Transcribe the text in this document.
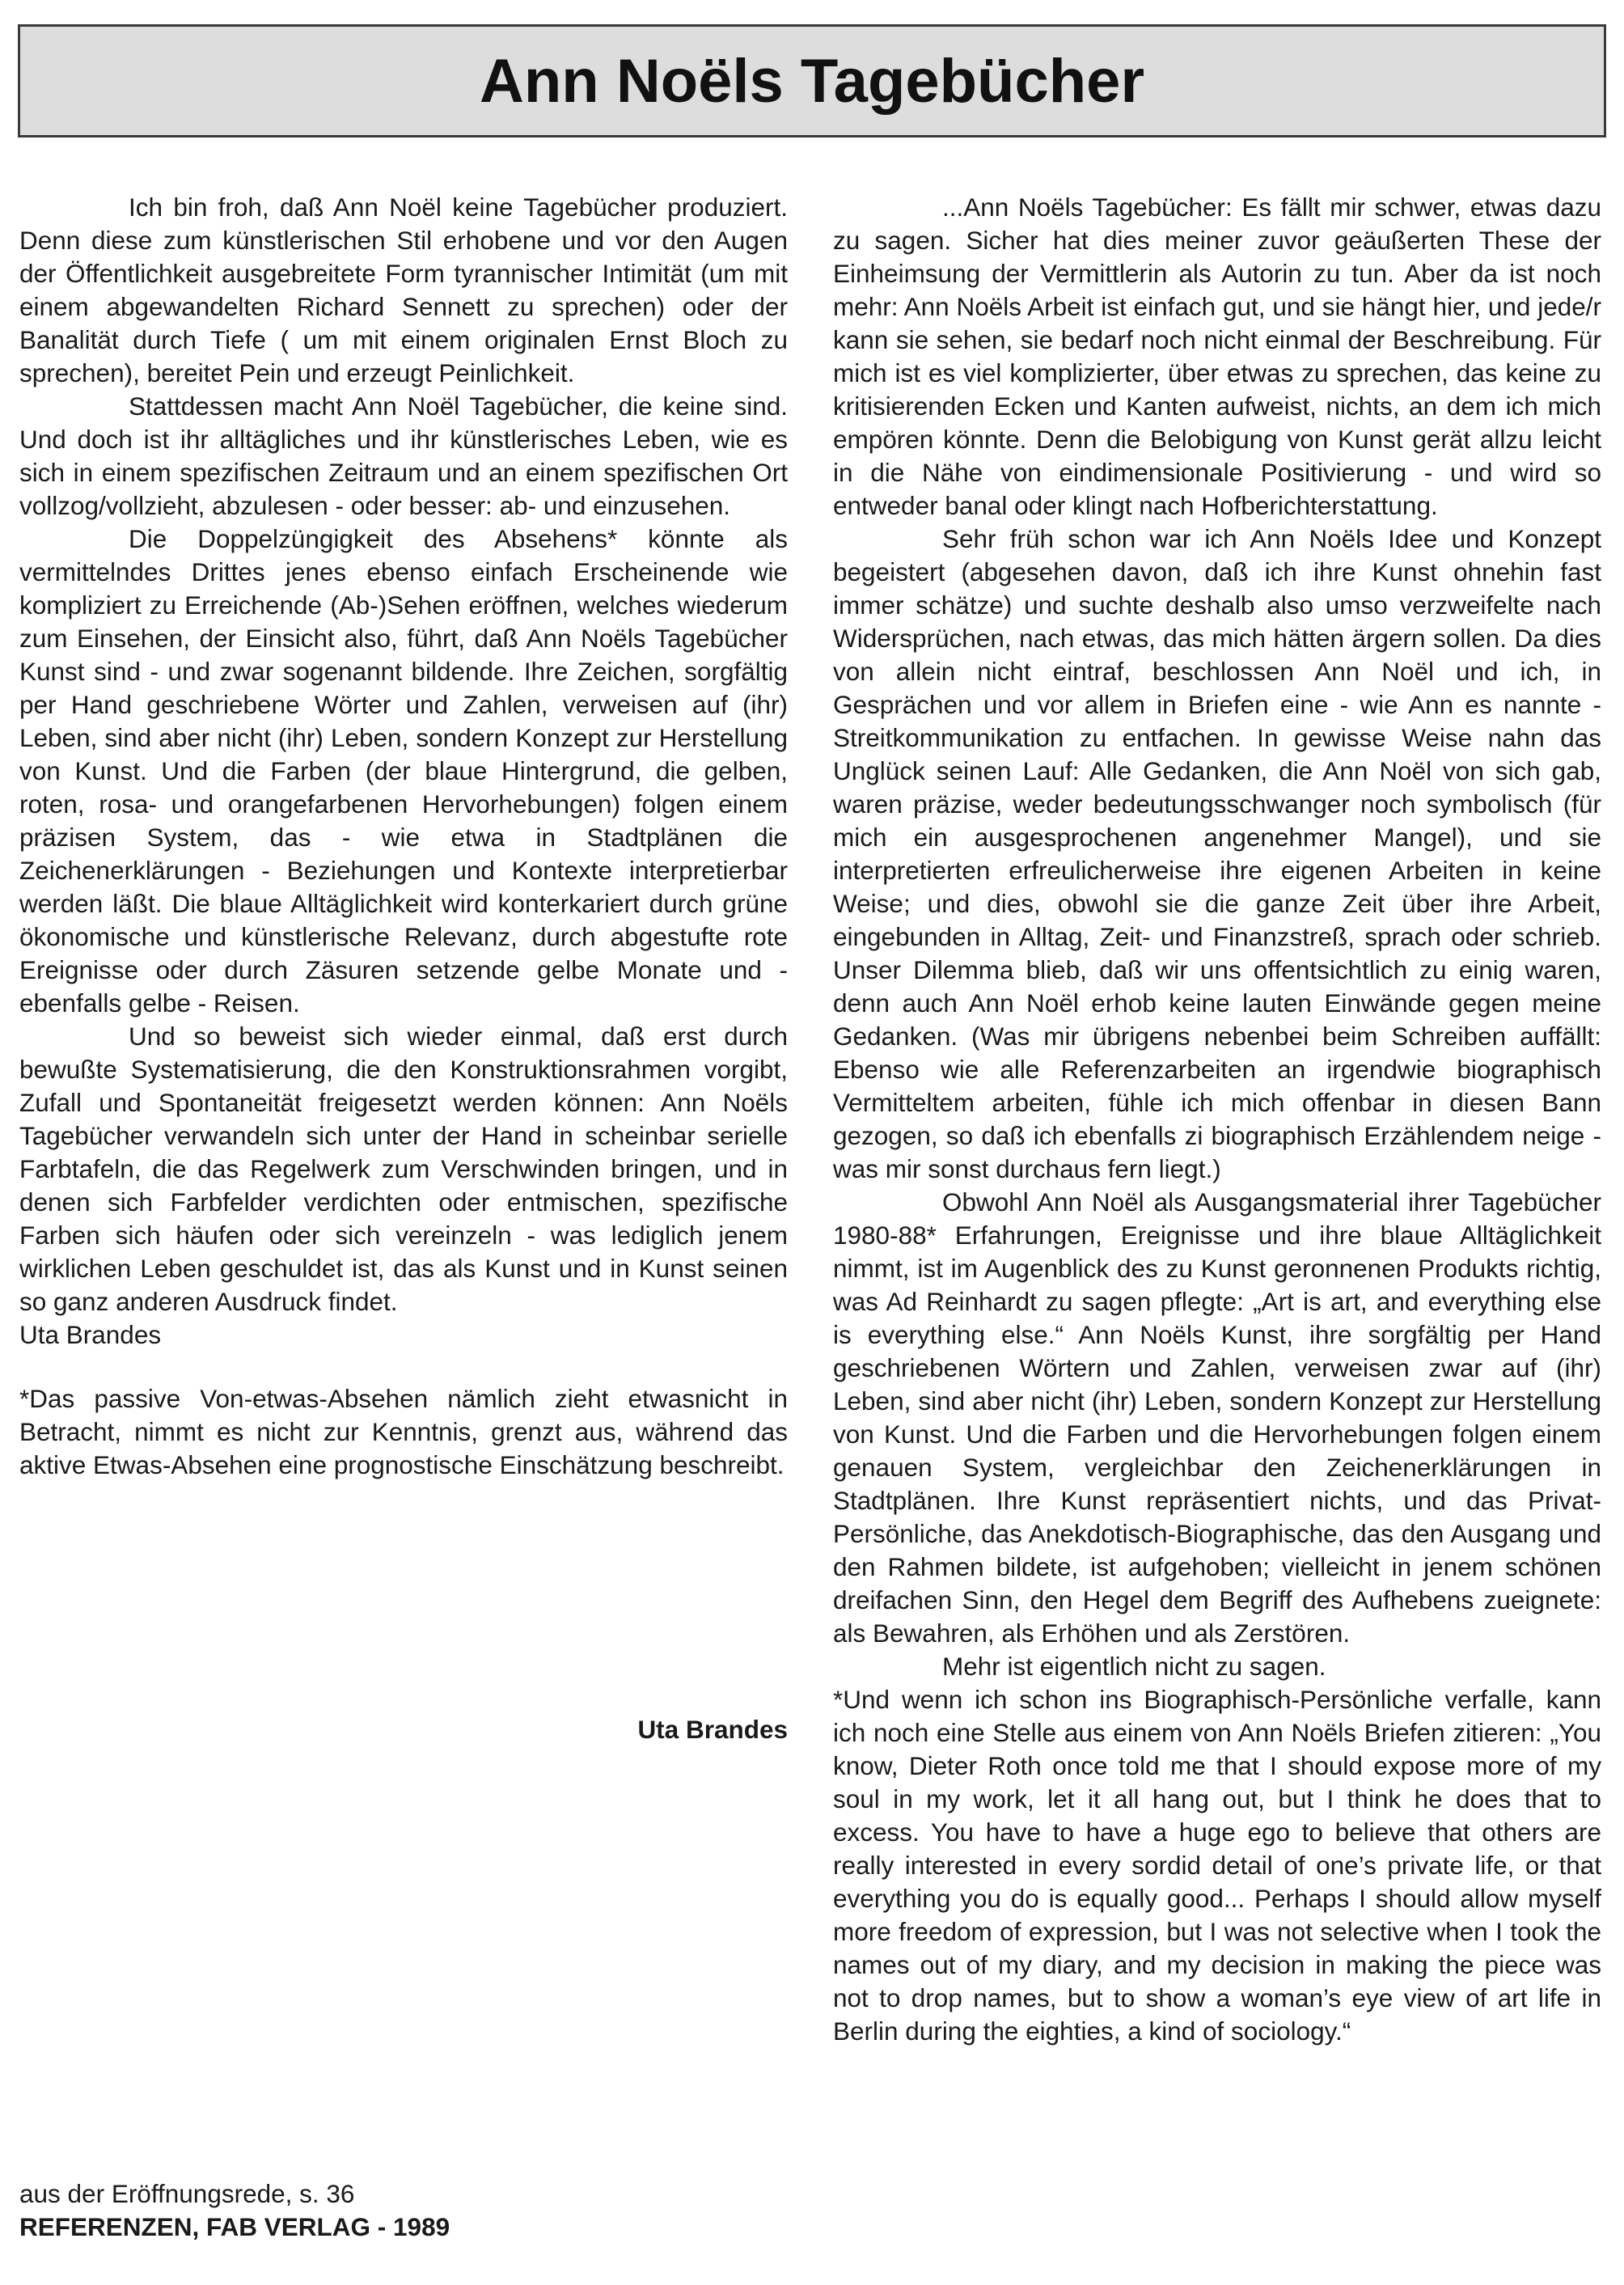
Ann Noëls Tagebücher

Ich bin froh, daß Ann Noël keine Tagebücher produziert. Denn diese zum künstlerischen Stil erhobene und vor den Augen der Öffentlichkeit ausgebreitete Form tyrannischer Intimität (um mit einem abgewandelten Richard Sennett zu sprechen) oder der Banalität durch Tiefe ( um mit einem originalen Ernst Bloch zu sprechen), bereitet Pein und erzeugt Peinlichkeit.

Stattdessen macht Ann Noël Tagebücher, die keine sind. Und doch ist ihr alltägliches und ihr künstlerisches Leben, wie es sich in einem spezifischen Zeitraum und an einem spezifischen Ort vollzog/vollzieht, abzulesen - oder besser: ab- und einzusehen.

Die Doppelzüngigkeit des Absehens* könnte als vermittelndes Drittes jenes ebenso einfach Erscheinende wie kompliziert zu Erreichende (Ab-)Sehen eröffnen, welches wiederum zum Einsehen, der Einsicht also, führt, daß Ann Noëls Tagebücher Kunst sind - und zwar sogenannt bildende. Ihre Zeichen, sorgfältig per Hand geschriebene Wörter und Zahlen, verweisen auf (ihr) Leben, sind aber nicht (ihr) Leben, sondern Konzept zur Herstellung von Kunst. Und die Farben (der blaue Hintergrund, die gelben, roten, rosa- und orangefarbenen Hervorhebungen) folgen einem präzisen System, das - wie etwa in Stadtplänen die Zeichenerklärungen - Beziehungen und Kontexte interpretierbar werden läßt. Die blaue Alltäglichkeit wird konterkariert durch grüne ökonomische und künstlerische Relevanz, durch abgestufte rote Ereignisse oder durch Zäsuren setzende gelbe Monate und - ebenfalls gelbe - Reisen.

Und so beweist sich wieder einmal, daß erst durch bewußte Systematisierung, die den Konstruktionsrahmen vorgibt, Zufall und Spontaneität freigesetzt werden können: Ann Noëls Tagebücher verwandeln sich unter der Hand in scheinbar serielle Farbtafeln, die das Regelwerk zum Verschwinden bringen, und in denen sich Farbfelder verdichten oder entmischen, spezifische Farben sich häufen oder sich vereinzeln - was lediglich jenem wirklichen Leben geschuldet ist, das als Kunst und in Kunst seinen so ganz anderen Ausdruck findet.

Uta Brandes

*Das passive Von-etwas-Absehen nämlich zieht etwasnicht in Betracht, nimmt es nicht zur Kenntnis, grenzt aus, während das aktive Etwas-Absehen eine prognostische Einschätzung beschreibt.

Uta Brandes
aus der Eröffnungsrede, s. 36
REFERENZEN, FAB VERLAG - 1989

...Ann Noëls Tagebücher: Es fällt mir schwer, etwas dazu zu sagen. Sicher hat dies meiner zuvor geäußerten These der Einheimsung der Vermittlerin als Autorin zu tun. Aber da ist noch mehr: Ann Noëls Arbeit ist einfach gut, und sie hängt hier, und jede/r kann sie sehen, sie bedarf noch nicht einmal der Beschreibung. Für mich ist es viel komplizierter, über etwas zu sprechen, das keine zu kritisierenden Ecken und Kanten aufweist, nichts, an dem ich mich empören könnte. Denn die Belobigung von Kunst gerät allzu leicht in die Nähe von eindimensionale Positivierung - und wird so entweder banal oder klingt nach Hofberichterstattung.

Sehr früh schon war ich Ann Noëls Idee und Konzept begeistert (abgesehen davon, daß ich ihre Kunst ohnehin fast immer schätze) und suchte deshalb also umso verzweifelte nach Widersprüchen, nach etwas, das mich hätten ärgern sollen. Da dies von allein nicht eintraf, beschlossen Ann Noël und ich, in Gesprächen und vor allem in Briefen eine - wie Ann es nannte - Streitkommunikation zu entfachen. In gewisse Weise nahn das Unglück seinen Lauf: Alle Gedanken, die Ann Noël von sich gab, waren präzise, weder bedeutungsschwanger noch symbolisch (für mich ein ausgesprochenen angenehmer Mangel), und sie interpretierten erfreulicherweise ihre eigenen Arbeiten in keine Weise; und dies, obwohl sie die ganze Zeit über ihre Arbeit, eingebunden in Alltag, Zeit- und Finanzstreß, sprach oder schrieb. Unser Dilemma blieb, daß wir uns offentsichtlich zu einig waren, denn auch Ann Noël erhob keine lauten Einwände gegen meine Gedanken. (Was mir übrigens nebenbei beim Schreiben auffällt: Ebenso wie alle Referenzarbeiten an irgendwie biographisch Vermitteltem arbeiten, fühle ich mich offenbar in diesen Bann gezogen, so daß ich ebenfalls zi biographisch Erzählendem neige - was mir sonst durchaus fern liegt.)

Obwohl Ann Noël als Ausgangsmaterial ihrer Tagebücher 1980-88* Erfahrungen, Ereignisse und ihre blaue Alltäglichkeit nimmt, ist im Augenblick des zu Kunst geronnenen Produkts richtig, was Ad Reinhardt zu sagen pflegte: „Art is art, and everything else is everything else.“ Ann Noëls Kunst, ihre sorgfältig per Hand geschriebenen Wörtern und Zahlen, verweisen zwar auf (ihr) Leben, sind aber nicht (ihr) Leben, sondern Konzept zur Herstellung von Kunst. Und die Farben und die Hervorhebungen folgen einem genauen System, vergleichbar den Zeichenerklärungen in Stadtplänen. Ihre Kunst repräsentiert nichts, und das Privat-Persönliche, das Anekdotisch-Biographische, das den Ausgang und den Rahmen bildete, ist aufgehoben; vielleicht in jenem schönen dreifachen Sinn, den Hegel dem Begriff des Aufhebens zueignete: als Bewahren, als Erhöhen und als Zerstören.

Mehr ist eigentlich nicht zu sagen.

*Und wenn ich schon ins Biographisch-Persönliche verfalle, kann ich noch eine Stelle aus einem von Ann Noëls Briefen zitieren: „You know, Dieter Roth once told me that I should expose more of my soul in my work, let it all hang out, but I think he does that to excess. You have to have a huge ego to believe that others are really interested in every sordid detail of one’s private life, or that everything you do is equally good... Perhaps I should allow myself more freedom of expression, but I was not selective when I took the names out of my diary, and my decision in making the piece was not to drop names, but to show a woman’s eye view of art life in Berlin during the eighties, a kind of sociology.“
